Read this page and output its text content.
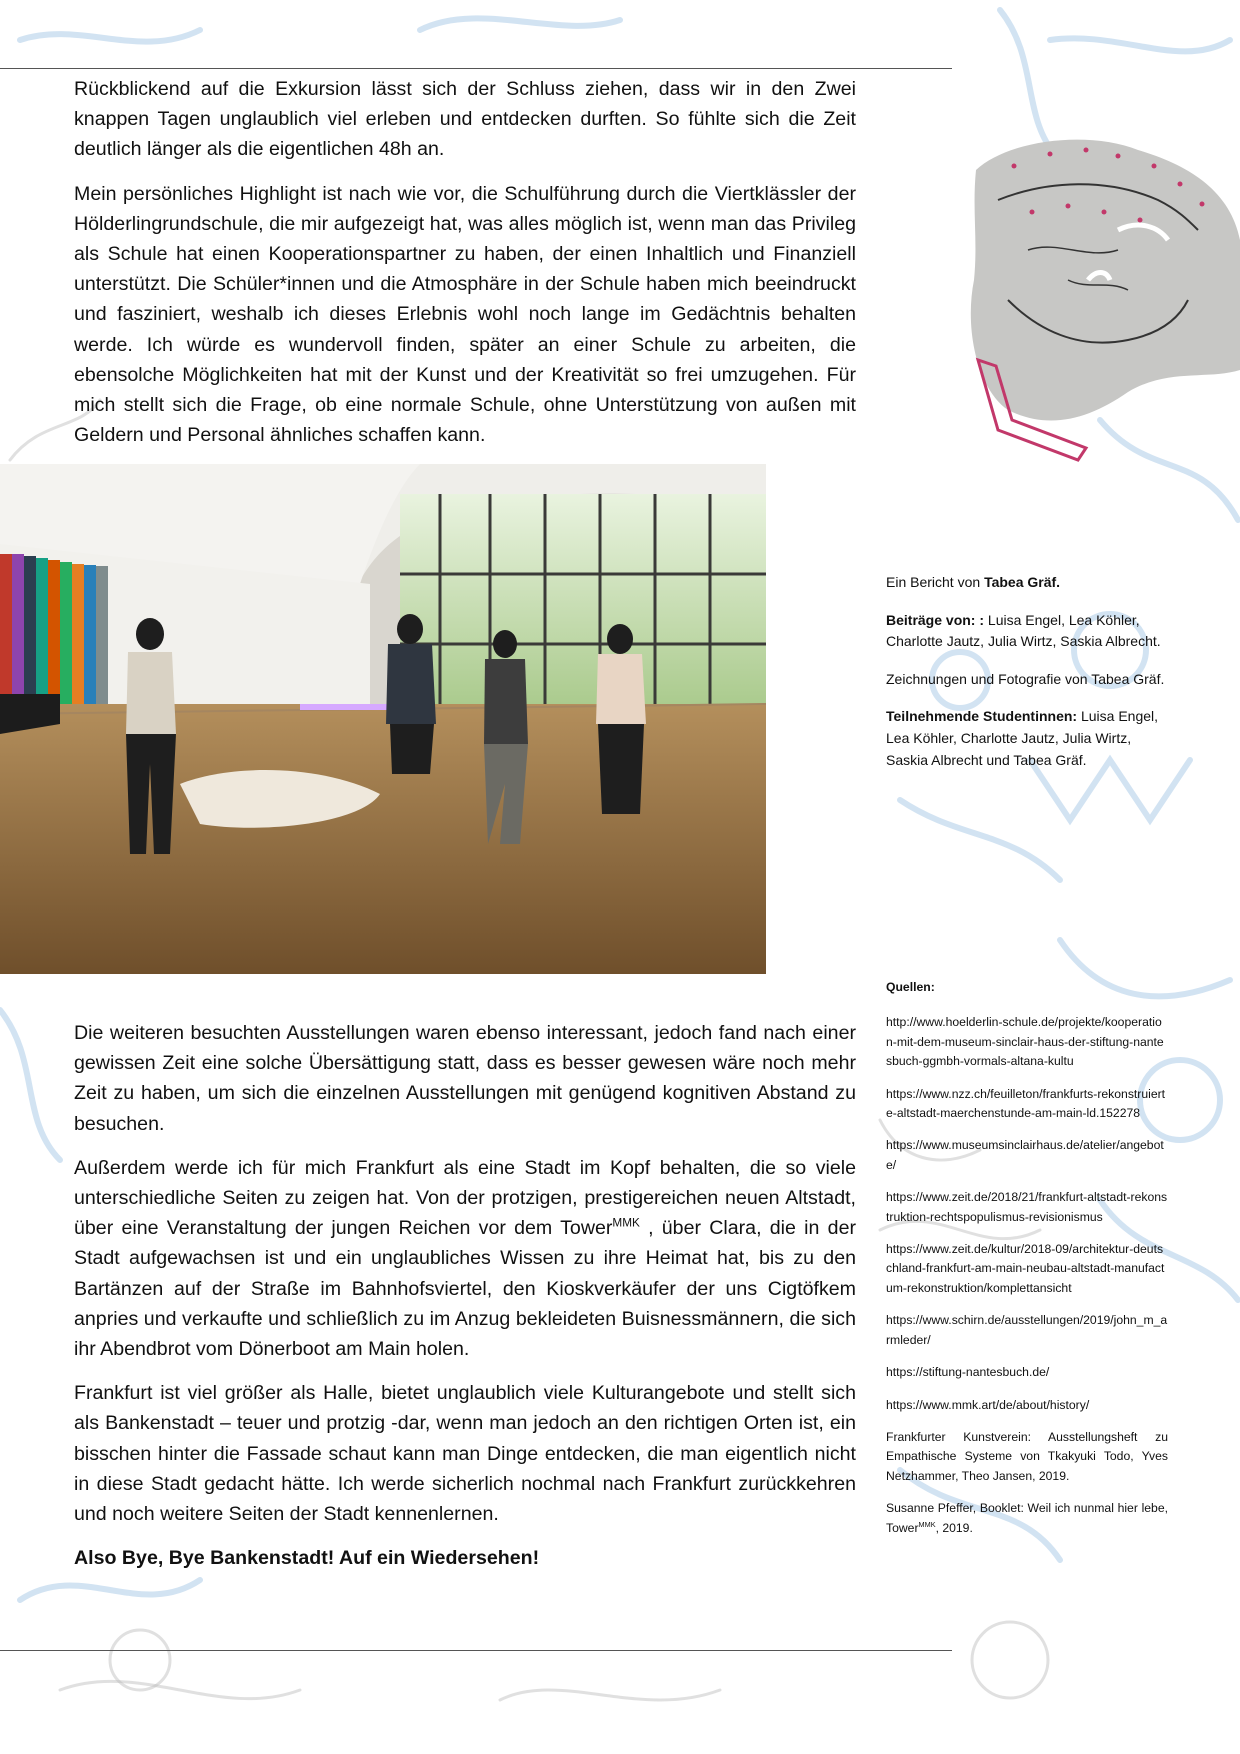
Rückblickend auf die Exkursion lässt sich der Schluss ziehen, dass wir in den Zwei knappen Tagen unglaublich viel erleben und entdecken durften. So fühlte sich die Zeit deutlich länger als die eigentlichen 48h an.

Mein persönliches Highlight ist nach wie vor, die Schulführung durch die Viertklässler der Hölderlingrundschule, die mir aufgezeigt hat, was alles möglich ist, wenn man das Privileg als Schule hat einen Kooperationspartner zu haben, der einen Inhaltlich und Finanziell unterstützt. Die Schüler*innen und die Atmosphäre in der Schule haben mich beeindruckt und fasziniert, weshalb ich dieses Erlebnis wohl noch lange im Gedächtnis behalten werde. Ich würde es wundervoll finden, später an einer Schule zu arbeiten, die ebensolche Möglichkeiten hat mit der Kunst und der Kreativität so frei umzugehen. Für mich stellt sich die Frage, ob eine normale Schule, ohne Unterstützung von außen mit Geldern und Personal ähnliches schaffen kann.

Die weiteren besuchten Ausstellungen waren ebenso interessant, jedoch fand nach einer gewissen Zeit eine solche Übersättigung statt, dass es besser gewesen wäre noch mehr Zeit zu haben, um sich die einzelnen Ausstellungen mit genügend kognitiven Abstand zu besuchen.

Außerdem werde ich für mich Frankfurt als eine Stadt im Kopf behalten, die so viele unterschiedliche Seiten zu zeigen hat. Von der protzigen, prestigereichen neuen Altstadt, über eine Veranstaltung der jungen Reichen vor dem Tower$^{MMK}$ , über Clara, die in der Stadt aufgewachsen ist und ein unglaubliches Wissen zu ihre Heimat hat, bis zu den Bartänzen auf der Straße im Bahnhofsviertel, den Kioskverkäufer der uns Cigtöfkem anpries und verkaufte und schließlich zu im Anzug bekleideten Buisnessmännern, die sich ihr Abendbrot vom Dönerboot am Main holen.

Frankfurt ist viel größer als Halle, bietet unglaublich viele Kulturangebote und stellt sich als Bankenstadt – teuer und protzig -dar, wenn man jedoch an den richtigen Orten ist, ein bisschen hinter die Fassade schaut kann man Dinge entdecken, die man eigentlich nicht in diese Stadt gedacht hätte. Ich werde sicherlich nochmal nach Frankfurt zurückkehren und noch weitere Seiten der Stadt kennenlernen.

Also Bye, Bye Bankenstadt! Auf ein Wiedersehen!

Ein Bericht von Tabea Gräf.

Beiträge von: : Luisa Engel, Lea Köhler, Charlotte Jautz, Julia Wirtz, Saskia Albrecht.

Zeichnungen und Fotografie von Tabea Gräf.

Teilnehmende Studentinnen: Luisa Engel, Lea Köhler, Charlotte Jautz, Julia Wirtz, Saskia Albrecht und Tabea Gräf.

Quellen:

http://www.hoelderlin-schule.de/projekte/kooperation-mit-dem-museum-sinclair-haus-der-stiftung-nantesbuch-ggmbh-vormals-altana-kultu

https://www.nzz.ch/feuilleton/frankfurts-rekonstruierte-altstadt-maerchenstunde-am-main-ld.152278

https://www.museumsinclairhaus.de/atelier/angebote/

https://www.zeit.de/2018/21/frankfurt-altstadt-rekonstruktion-rechtspopulismus-revisionismus

https://www.zeit.de/kultur/2018-09/architektur-deutschland-frankfurt-am-main-neubau-altstadt-manufactum-rekonstruktion/komplettansicht

https://www.schirn.de/ausstellungen/2019/john_m_armleder/

https://stiftung-nantesbuch.de/

https://www.mmk.art/de/about/history/

Frankfurter Kunstverein: Ausstellungsheft zu Empathische Systeme von Tkakyuki Todo, Yves Netzhammer, Theo Jansen, 2019.

Susanne Pfeffer, Booklet: Weil ich nunmal hier lebe, Tower$^{MMK}$, 2019.
